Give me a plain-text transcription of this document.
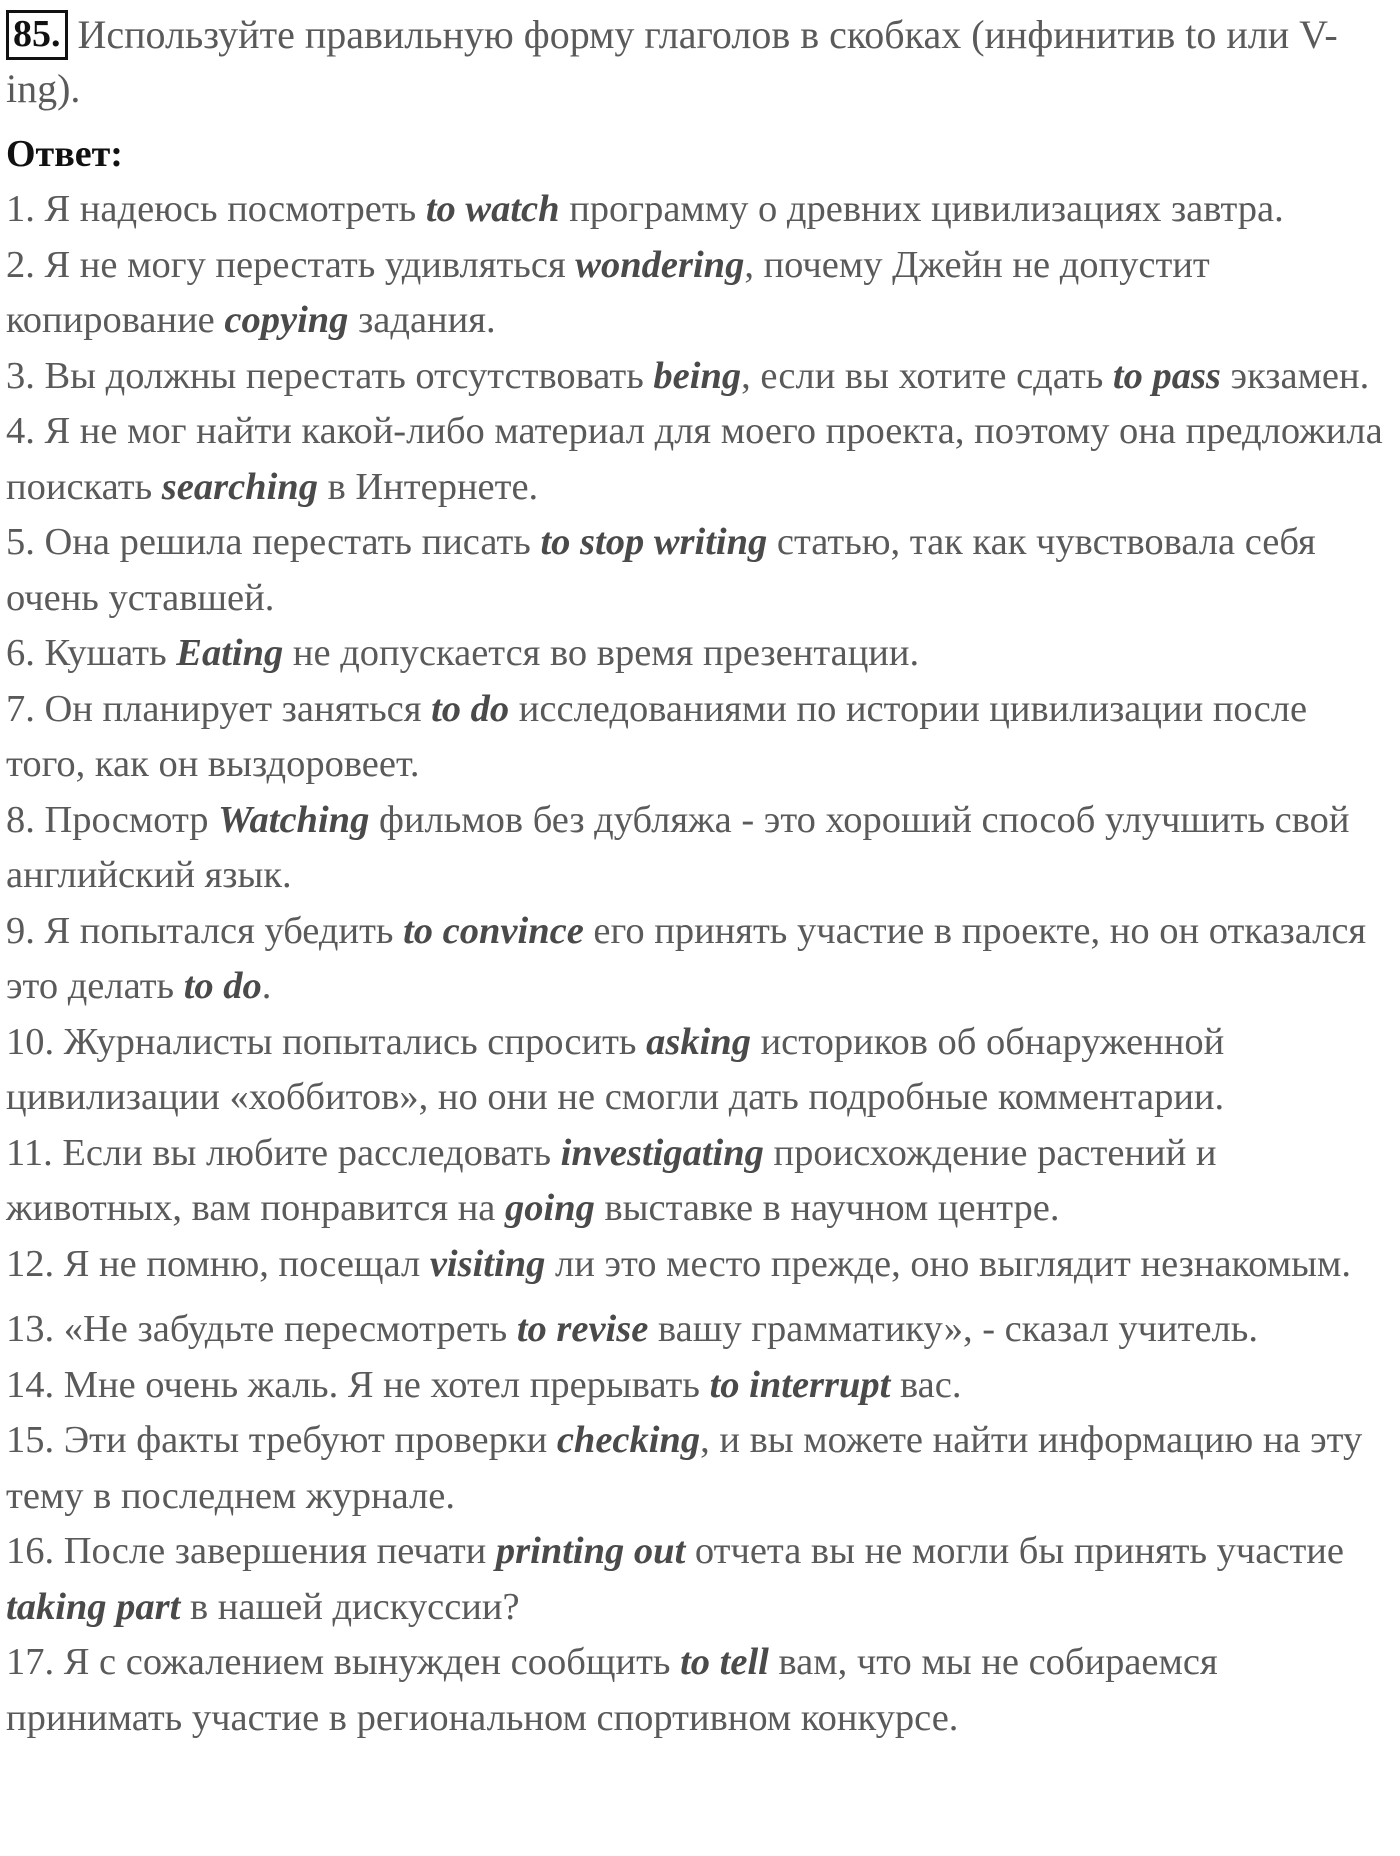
85. Используйте правильную форму глаголов в скобках (инфинитив to или V-ing).

Ответ:
1. Я надеюсь посмотреть to watch программу о древних цивилизациях завтра.
2. Я не могу перестать удивляться wondering, почему Джейн не допустит копирование copying задания.
3. Вы должны перестать отсутствовать being, если вы хотите сдать to pass экзамен.
4. Я не мог найти какой-либо материал для моего проекта, поэтому она предложила поискать searching в Интернете.
5. Она решила перестать писать to stop writing статью, так как чувствовала себя очень уставшей.
6. Кушать Eating не допускается во время презентации.
7. Он планирует заняться to do исследованиями по истории цивилизации после того, как он выздоровеет.
8. Просмотр Watching фильмов без дубляжа - это хороший способ улучшить свой английский язык.
9. Я попытался убедить to convince его принять участие в проекте, но он отказался это делать to do.
10. Журналисты попытались спросить asking историков об обнаруженной цивилизации «хоббитов», но они не смогли дать подробные комментарии.
11. Если вы любите расследовать investigating происхождение растений и животных, вам понравится на going выставке в научном центре.
12. Я не помню, посещал visiting ли это место прежде, оно выглядит незнакомым.
13. «Не забудьте пересмотреть to revise вашу грамматику», - сказал учитель.
14. Мне очень жаль. Я не хотел прерывать to interrupt вас.
15. Эти факты требуют проверки checking, и вы можете найти информацию на эту тему в последнем журнале.
16. После завершения печати printing out отчета вы не могли бы принять участие taking part в нашей дискуссии?
17. Я с сожалением вынужден сообщить to tell вам, что мы не собираемся принимать участие в региональном спортивном конкурсе.
